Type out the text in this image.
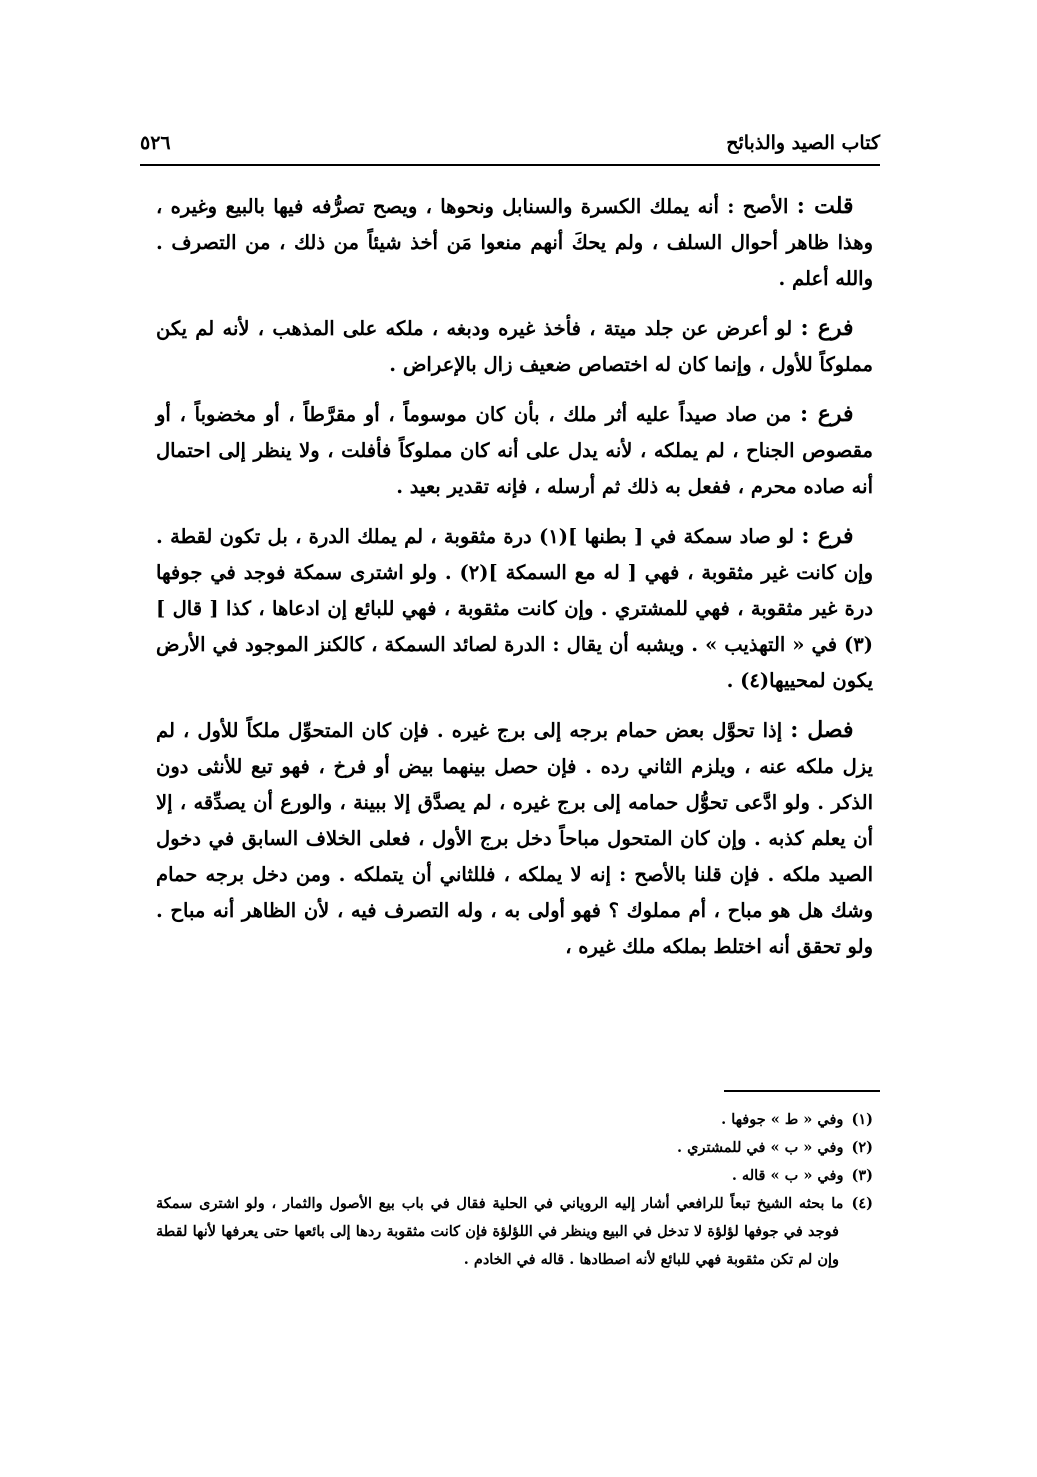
كتاب الصيد والذبائح
٥٢٦

 قلت : الأصح : أنه يملك الكسرة والسنابل ونحوها ، ويصح تصرُّفه فيها بالبيع وغيره ، وهذا ظاهر أحوال السلف ، ولم يحكَ أنهم منعوا مَن أخذ شيئاً من ذلك ، من التصرف . والله أعلم .

 فرع : لو أعرض عن جلد ميتة ، فأخذ غيره ودبغه ، ملكه على المذهب ، لأنه لم يكن مملوكاً للأول ، وإنما كان له اختصاص ضعيف زال بالإعراض .

 فرع : من صاد صيداً عليه أثر ملك ، بأن كان موسوماً ، أو مقرَّطاً ، أو مخضوباً ، أو مقصوص الجناح ، لم يملكه ، لأنه يدل على أنه كان مملوكاً فأفلت ، ولا ينظر إلى احتمال أنه صاده محرم ، ففعل به ذلك ثم أرسله ، فإنه تقدير بعيد .

 فرع : لو صاد سمكة في [ بطنها ](١) درة مثقوبة ، لم يملك الدرة ، بل تكون لقطة . وإن كانت غير مثقوبة ، فهي [ له مع السمكة ](٢) . ولو اشترى سمكة فوجد في جوفها درة غير مثقوبة ، فهي للمشتري . وإن كانت مثقوبة ، فهي للبائع إن ادعاها ، كذا [ قال ](٣) في « التهذيب » . ويشبه أن يقال : الدرة لصائد السمكة ، كالكنز الموجود في الأرض يكون لمحييها(٤) .

 فصل : إذا تحوَّل بعض حمام برجه إلى برج غيره . فإن كان المتحوِّل ملكاً للأول ، لم يزل ملكه عنه ، ويلزم الثاني رده . فإن حصل بينهما بيض أو فرخ ، فهو تبع للأنثى دون الذكر . ولو ادَّعى تحوُّل حمامه إلى برج غيره ، لم يصدَّق إلا ببينة ، والورع أن يصدِّقه ، إلا أن يعلم كذبه . وإن كان المتحول مباحاً دخل برج الأول ، فعلى الخلاف السابق في دخول الصيد ملكه . فإن قلنا بالأصح : إنه لا يملكه ، فللثاني أن يتملكه . ومن دخل برجه حمام وشك هل هو مباح ، أم مملوك ؟ فهو أولى به ، وله التصرف فيه ، لأن الظاهر أنه مباح . ولو تحقق أنه اختلط بملكه ملك غيره ،

(١)وفي « ط » جوفها .

(٢)وفي « ب » في للمشتري .

(٣)وفي « ب » قاله .

(٤)ما بحثه الشيخ تبعاً للرافعي أشار إليه الروياني في الحلية فقال في باب بيع الأصول والثمار ، ولو اشترى سمكة فوجد في جوفها لؤلؤة لا تدخل في البيع وينظر في اللؤلؤة فإن كانت مثقوبة ردها إلى بائعها حتى يعرفها لأنها لقطة وإن لم تكن مثقوبة فهي للبائع لأنه اصطادها . قاله في الخادم .
